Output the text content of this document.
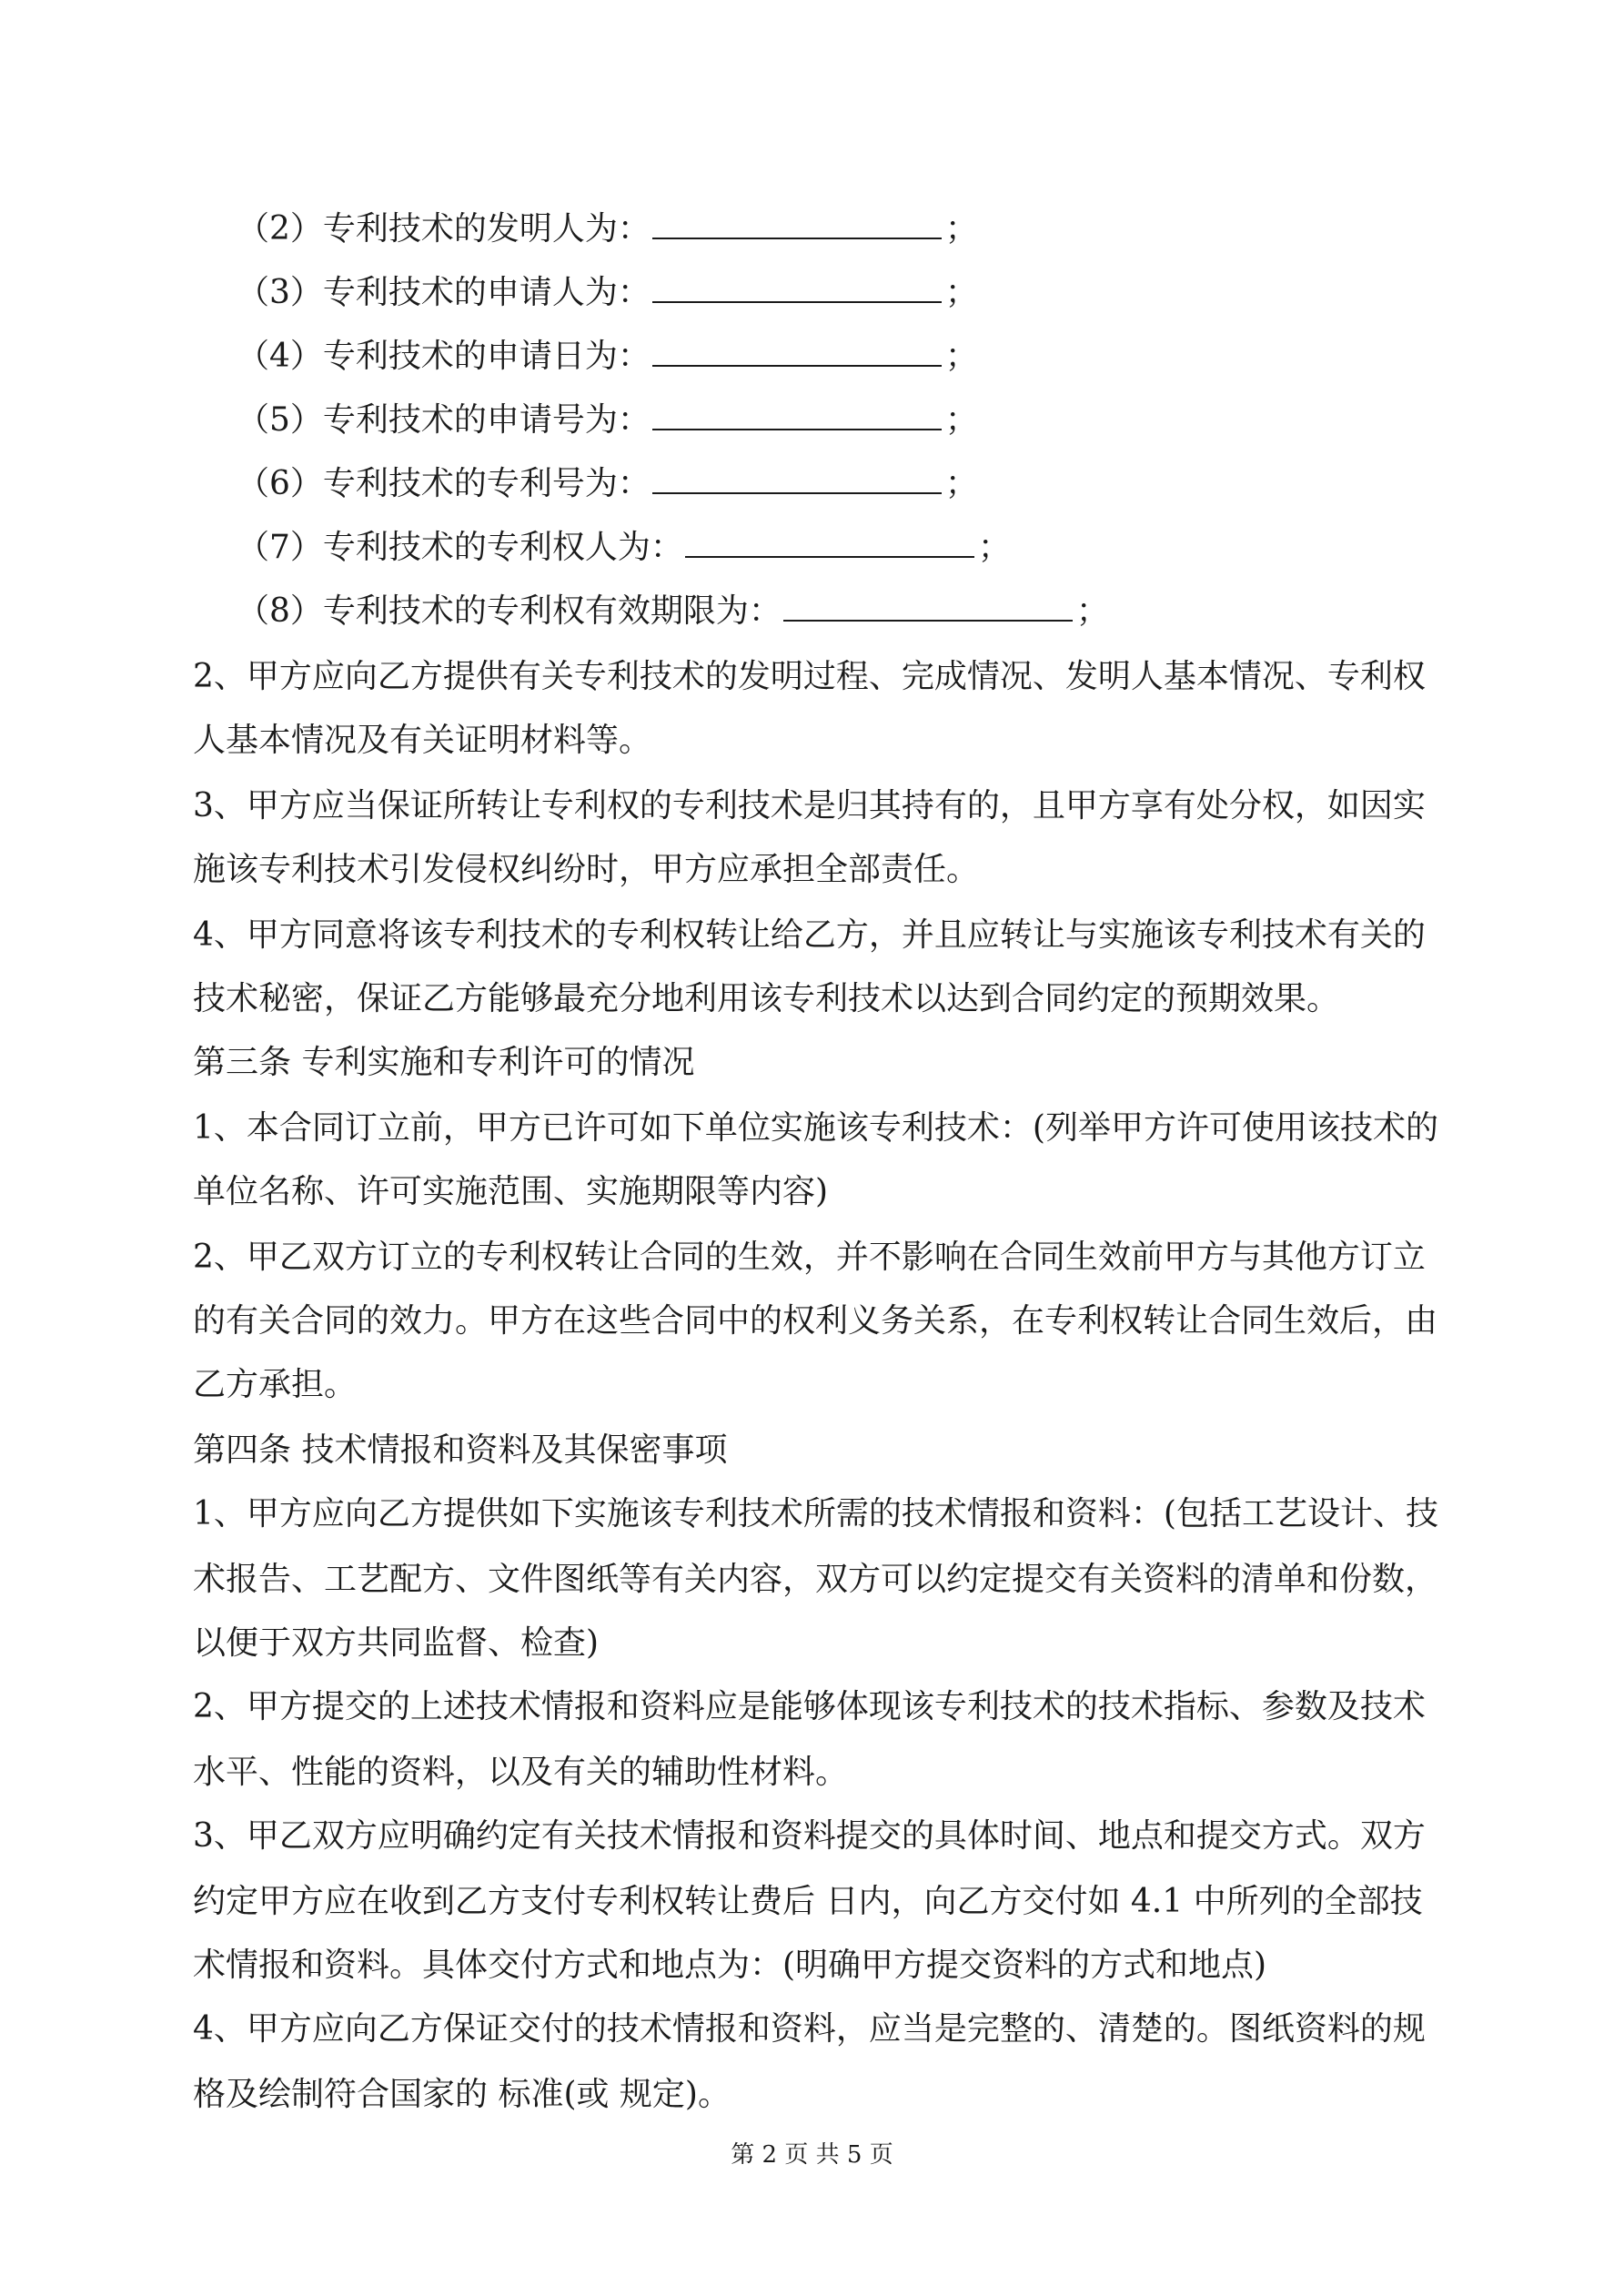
（2）专利技术的发明人为：	；
（3）专利技术的申请人为：	；
（4）专利技术的申请日为：	；
（5）专利技术的申请号为：	；
（6）专利技术的专利号为：	；
（7）专利技术的专利权人为：	；
（8）专利技术的专利权有效期限为：	；
2、甲方应向乙方提供有关专利技术的发明过程、完成情况、发明人基本情况、专利权
人基本情况及有关证明材料等。
3、甲方应当保证所转让专利权的专利技术是归其持有的，且甲方享有处分权，如因实
施该专利技术引发侵权纠纷时，甲方应承担全部责任。
4、甲方同意将该专利技术的专利权转让给乙方，并且应转让与实施该专利技术有关的
技术秘密，保证乙方能够最充分地利用该专利技术以达到合同约定的预期效果。
第三条 专利实施和专利许可的情况
1、本合同订立前，甲方已许可如下单位实施该专利技术：(列举甲方许可使用该技术的
单位名称、许可实施范围、实施期限等内容)
2、甲乙双方订立的专利权转让合同的生效，并不影响在合同生效前甲方与其他方订立
的有关合同的效力。甲方在这些合同中的权利义务关系，在专利权转让合同生效后，由
乙方承担。
第四条 技术情报和资料及其保密事项
1、甲方应向乙方提供如下实施该专利技术所需的技术情报和资料：(包括工艺设计、技
术报告、工艺配方、文件图纸等有关内容，双方可以约定提交有关资料的清单和份数，
以便于双方共同监督、检查)
2、甲方提交的上述技术情报和资料应是能够体现该专利技术的技术指标、参数及技术
水平、性能的资料，以及有关的辅助性材料。
3、甲乙双方应明确约定有关技术情报和资料提交的具体时间、地点和提交方式。双方
约定甲方应在收到乙方支付专利权转让费后 日内，向乙方交付如 4.1 中所列的全部技
术情报和资料。具体交付方式和地点为：(明确甲方提交资料的方式和地点)
4、甲方应向乙方保证交付的技术情报和资料，应当是完整的、清楚的。图纸资料的规
格及绘制符合国家的 标准(或 规定)。
第 2 页 共 5 页
